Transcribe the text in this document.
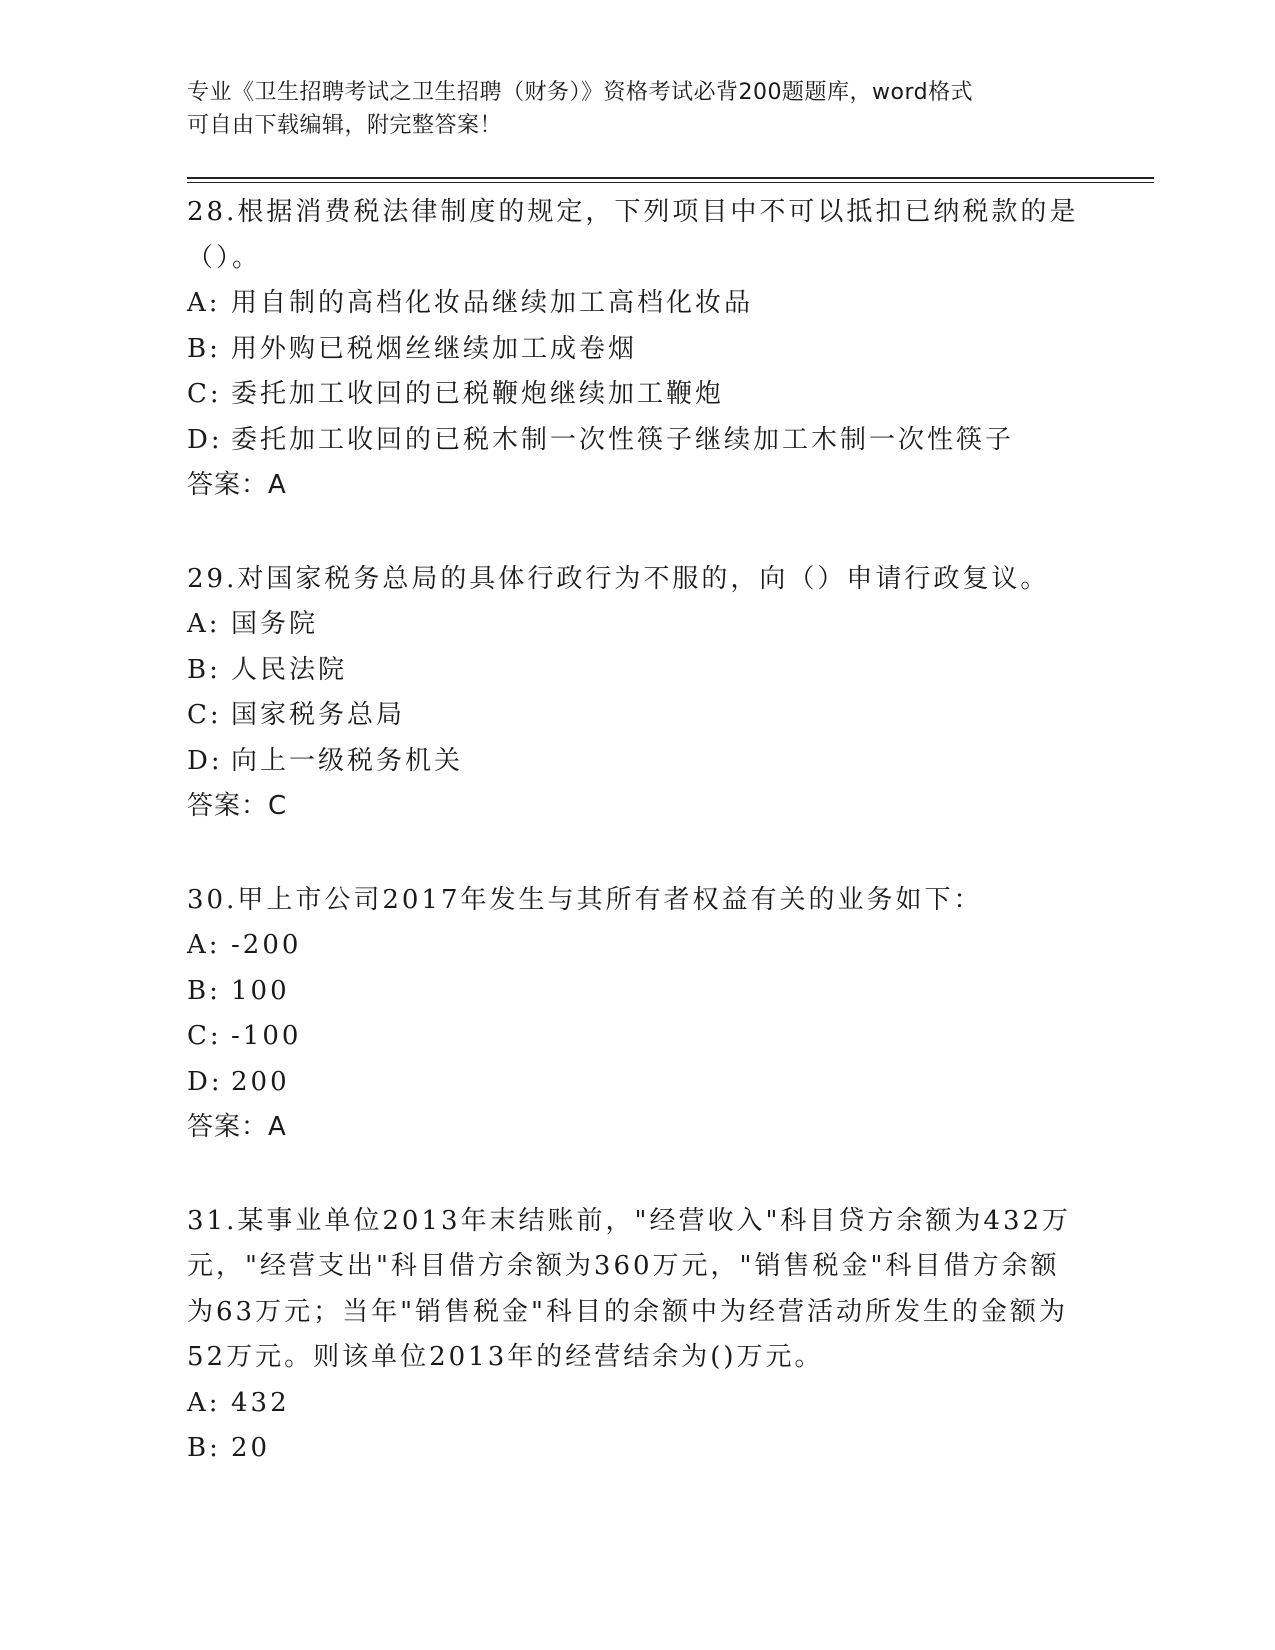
专业《卫生招聘考试之卫生招聘（财务）》资格考试必背200题题库，word格式
可自由下载编辑，附完整答案！
28.根据消费税法律制度的规定，下列项目中不可以抵扣已纳税款的是
（）。
A: 用自制的高档化妆品继续加工高档化妆品
B: 用外购已税烟丝继续加工成卷烟
C: 委托加工收回的已税鞭炮继续加工鞭炮
D: 委托加工收回的已税木制一次性筷子继续加工木制一次性筷子
答案：A
29.对国家税务总局的具体行政行为不服的，向（）申请行政复议。
A: 国务院
B: 人民法院
C: 国家税务总局
D: 向上一级税务机关
答案：C
30.甲上市公司2017年发生与其所有者权益有关的业务如下：
A: -200
B: 100
C: -100
D: 200
答案：A
31.某事业单位2013年末结账前，"经营收入"科目贷方余额为432万
元，"经营支出"科目借方余额为360万元，"销售税金"科目借方余额
为63万元；当年"销售税金"科目的余额中为经营活动所发生的金额为
52万元。则该单位2013年的经营结余为()万元。
A: 432
B: 20
